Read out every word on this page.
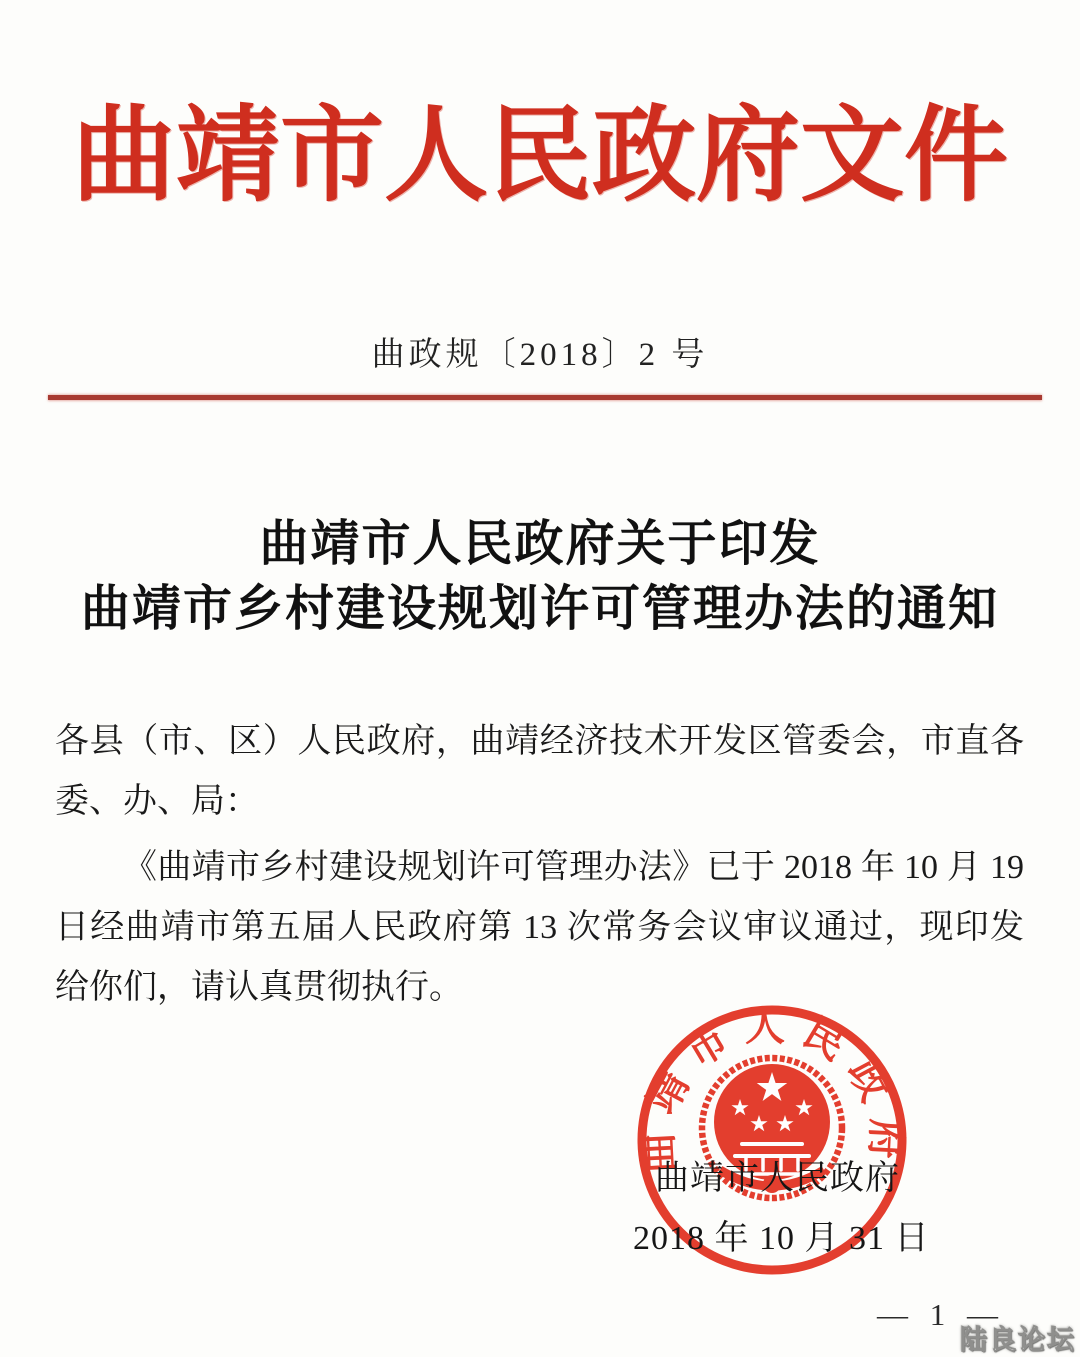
曲靖市人民政府文件
曲政规〔2018〕2 号
曲靖市人民政府关于印发
曲靖市乡村建设规划许可管理办法的通知
各县（市、区）人民政府，曲靖经济技术开发区管委会，市直各
委、办、局：
《曲靖市乡村建设规划许可管理办法》已于 2018 年 10 月 19
日经曲靖市第五届人民政府第 13 次常务会议审议通过，现印发
给你们，请认真贯彻执行。
曲靖市人民政府
曲靖市人民政府
2018 年 10 月 31 日
— 1 —
陆良论坛
